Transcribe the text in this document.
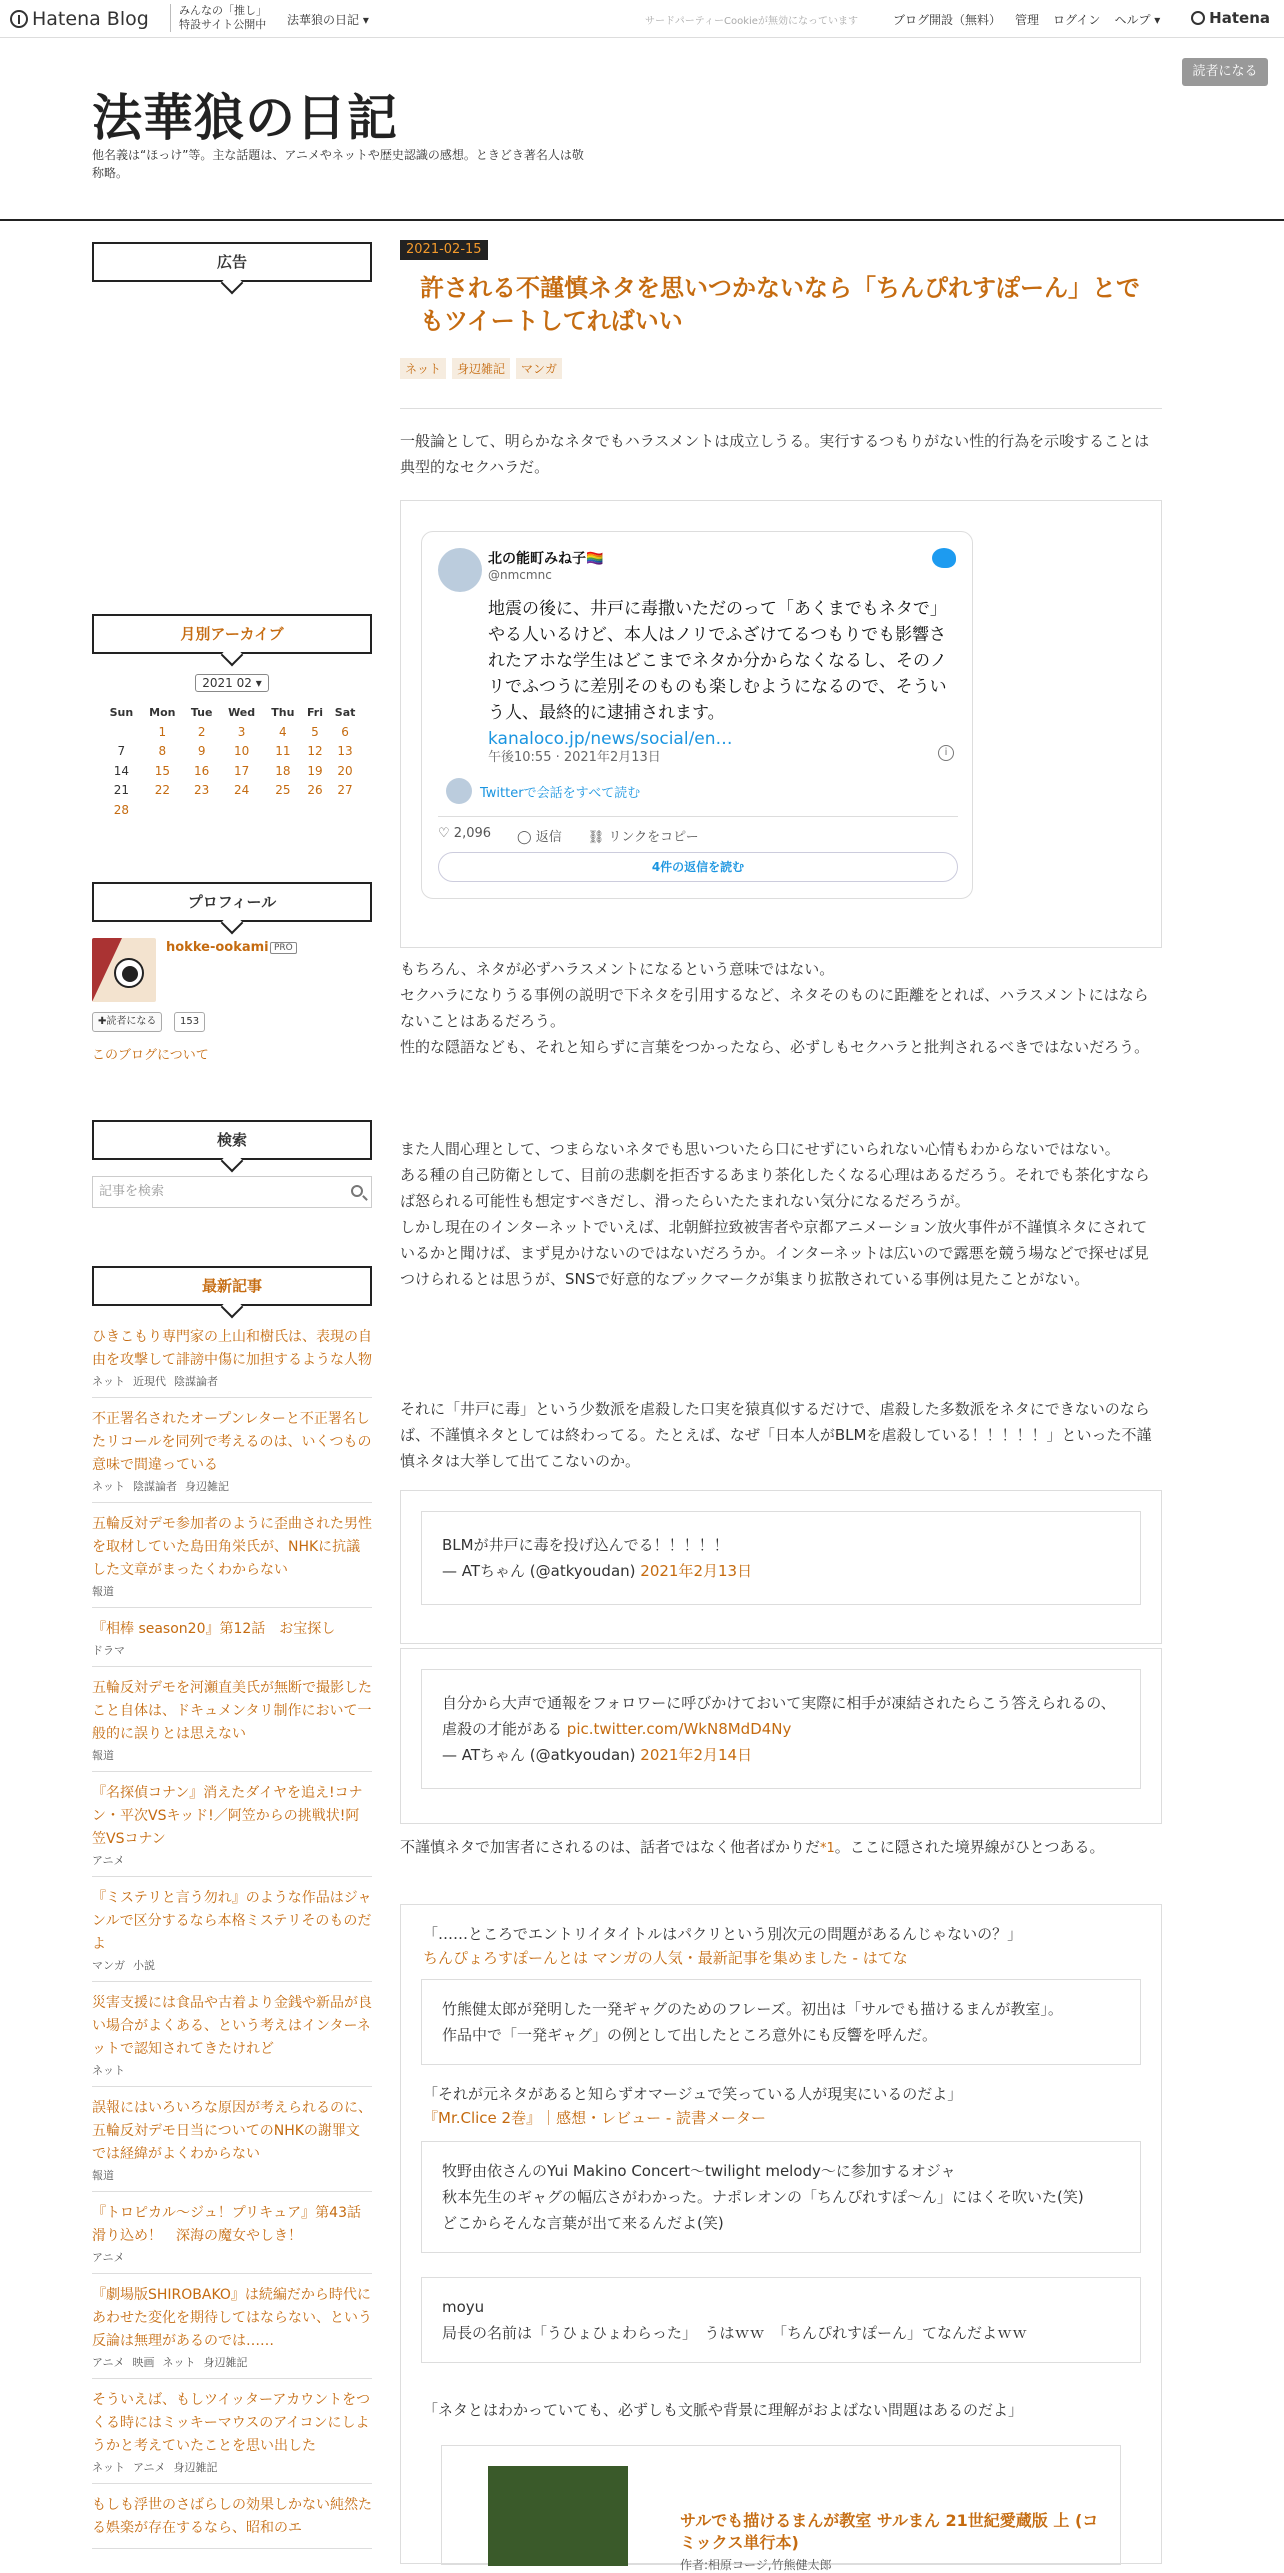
Hatena Blog	みんなの「推し」
特設サイト公開中 法華狼の日記 ▾	サードパーティーCookieが無効になっています	ブログ開設（無料） 管理 ログイン ヘルプ ▾	Hatena
読者になる
法華狼の日記
他名義は“ほっけ”等。主な話題は、アニメやネットや歴史認識の感想。ときどき著名人は敬称略。
広告
月別アーカイブ
2021 02 ▾
Sun	Mon	Tue	Wed	Thu	Fri	Sat
	1	2	3	4	5	6
7	8	9	10	11	12	13
14	15	16	17	18	19	20
21	22	23	24	25	26	27
28						
プロフィール
hokke-ookami PRO
✚読者になる	153
このブログについて
検索
記事を検索
最新記事
ひきこもり専門家の上山和樹氏は、表現の自由を攻撃して誹謗中傷に加担するような人物
ネット 近現代 陰謀論者
不正署名されたオープンレターと不正署名したリコールを同列で考えるのは、いくつもの意味で間違っている
ネット 陰謀論者 身辺雑記
五輪反対デモ参加者のように歪曲された男性を取材していた島田角栄氏が、NHKに抗議した文章がまったくわからない
報道
『相棒 season20』第12話　お宝探し
ドラマ
五輪反対デモを河瀬直美氏が無断で撮影したこと自体は、ドキュメンタリ制作において一般的に誤りとは思えない
報道
『名探偵コナン』消えたダイヤを追え!コナン・平次VSキッド!／阿笠からの挑戦状!阿笠VSコナン
アニメ
『ミステリと言う勿れ』のような作品はジャンルで区分するなら本格ミステリそのものだよ
マンガ 小説
災害支援には食品や古着より金銭や新品が良い場合がよくある、という考えはインターネットで認知されてきたけれど
ネット
誤報にはいろいろな原因が考えられるのに、五輪反対デモ日当についてのNHKの謝罪文では経緯がよくわからない
報道
『トロピカル～ジュ！プリキュア』第43話　滑り込め！　深海の魔女やしき！
アニメ
『劇場版SHIROBAKO』は続編だから時代にあわせた変化を期待してはならない、という反論は無理があるのでは……
アニメ 映画 ネット 身辺雑記
そういえば、もしツイッターアカウントをつくる時にはミッキーマウスのアイコンにしようかと考えていたことを思い出した
ネット アニメ 身辺雑記
もしも浮世のさばらしの効果しかない純然たる娯楽が存在するなら、昭和のエ
2021-02-15
許される不謹慎ネタを思いつかないなら「ちんぴれすぽーん」とでもツイートしてればいい
ネット	身辺雑記	マンガ
一般論として、明らかなネタでもハラスメントは成立しうる。実行するつもりがない性的行為を示唆することは典型的なセクハラだ。
北の能町みね子🏳️‍🌈
@nmcmnc
地震の後に、井戸に毒撒いただのって「あくまでもネタで」やる人いるけど、本人はノリでふざけてるつもりでも影響されたアホな学生はどこまでネタか分からなくなるし、そのノリでふつうに差別そのものも楽しむようになるので、そういう人、最終的に逮捕されます。 kanaloco.jp/news/social/en…
午後10:55 · 2021年2月13日	i
Twitterで会話をすべて読む
♡ 2,096 ◯ 返信 ⛓ リンクをコピー
4件の返信を読む
もちろん、ネタが必ずハラスメントになるという意味ではない。
セクハラになりうる事例の説明で下ネタを引用するなど、ネタそのものに距離をとれば、ハラスメントにはならないことはあるだろう。
性的な隠語なども、それと知らずに言葉をつかったなら、必ずしもセクハラと批判されるべきではないだろう。
また人間心理として、つまらないネタでも思いついたら口にせずにいられない心情もわからないではない。
ある種の自己防衛として、目前の悲劇を拒否するあまり茶化したくなる心理はあるだろう。それでも茶化すならば怒られる可能性も想定すべきだし、滑ったらいたたまれない気分になるだろうが。
しかし現在のインターネットでいえば、北朝鮮拉致被害者や京都アニメーション放火事件が不謹慎ネタにされているかと聞けば、まず見かけないのではないだろうか。インターネットは広いので露悪を競う場などで探せば見つけられるとは思うが、SNSで好意的なブックマークが集まり拡散されている事例は見たことがない。
それに「井戸に毒」という少数派を虐殺した口実を猿真似するだけで、虐殺した多数派をネタにできないのならば、不謹慎ネタとしては終わってる。たとえば、なぜ「日本人がBLMを虐殺している！！！！！」といった不謹慎ネタは大挙して出てこないのか。
BLMが井戸に毒を投げ込んでる！！！！！
— ATちゃん (@atkyoudan) 2021年2月13日
自分から大声で通報をフォロワーに呼びかけておいて実際に相手が凍結されたらこう答えられるの、虐殺の才能がある pic.twitter.com/WkN8MdD4Ny
— ATちゃん (@atkyoudan) 2021年2月14日
不謹慎ネタで加害者にされるのは、話者ではなく他者ばかりだ*1。ここに隠された境界線がひとつある。
「……ところでエントリイタイトルはパクリという別次元の問題があるんじゃないの？」
ちんぴょろすぽーんとは マンガの人気・最新記事を集めました - はてな
竹熊健太郎が発明した一発ギャグのためのフレーズ。初出は「サルでも描けるまんが教室」。
作品中で「一発ギャグ」の例として出したところ意外にも反響を呼んだ。
「それが元ネタがあると知らずオマージュで笑っている人が現実にいるのだよ」
『Mr.Clice 2巻』｜感想・レビュー - 読書メーター
牧野由依さんのYui Makino Concert～twilight melody～に参加するオジャ
秋本先生のギャグの幅広さがわかった。ナポレオンの「ちんぴれすぽ～ん」にはくそ吹いた(笑)
どこからそんな言葉が出て来るんだよ(笑)
moyu
局長の名前は「うひょひょわらった」　うはｗｗ　「ちんぴれすぽーん」てなんだよｗｗ
「ネタとはわかっていても、必ずしも文脈や背景に理解がおよばない問題はあるのだよ」
サルでも描けるまんが教室 サルまん 21世紀愛蔵版 上 (コミックス単行本)
作者:相原コージ,竹熊健太郎
